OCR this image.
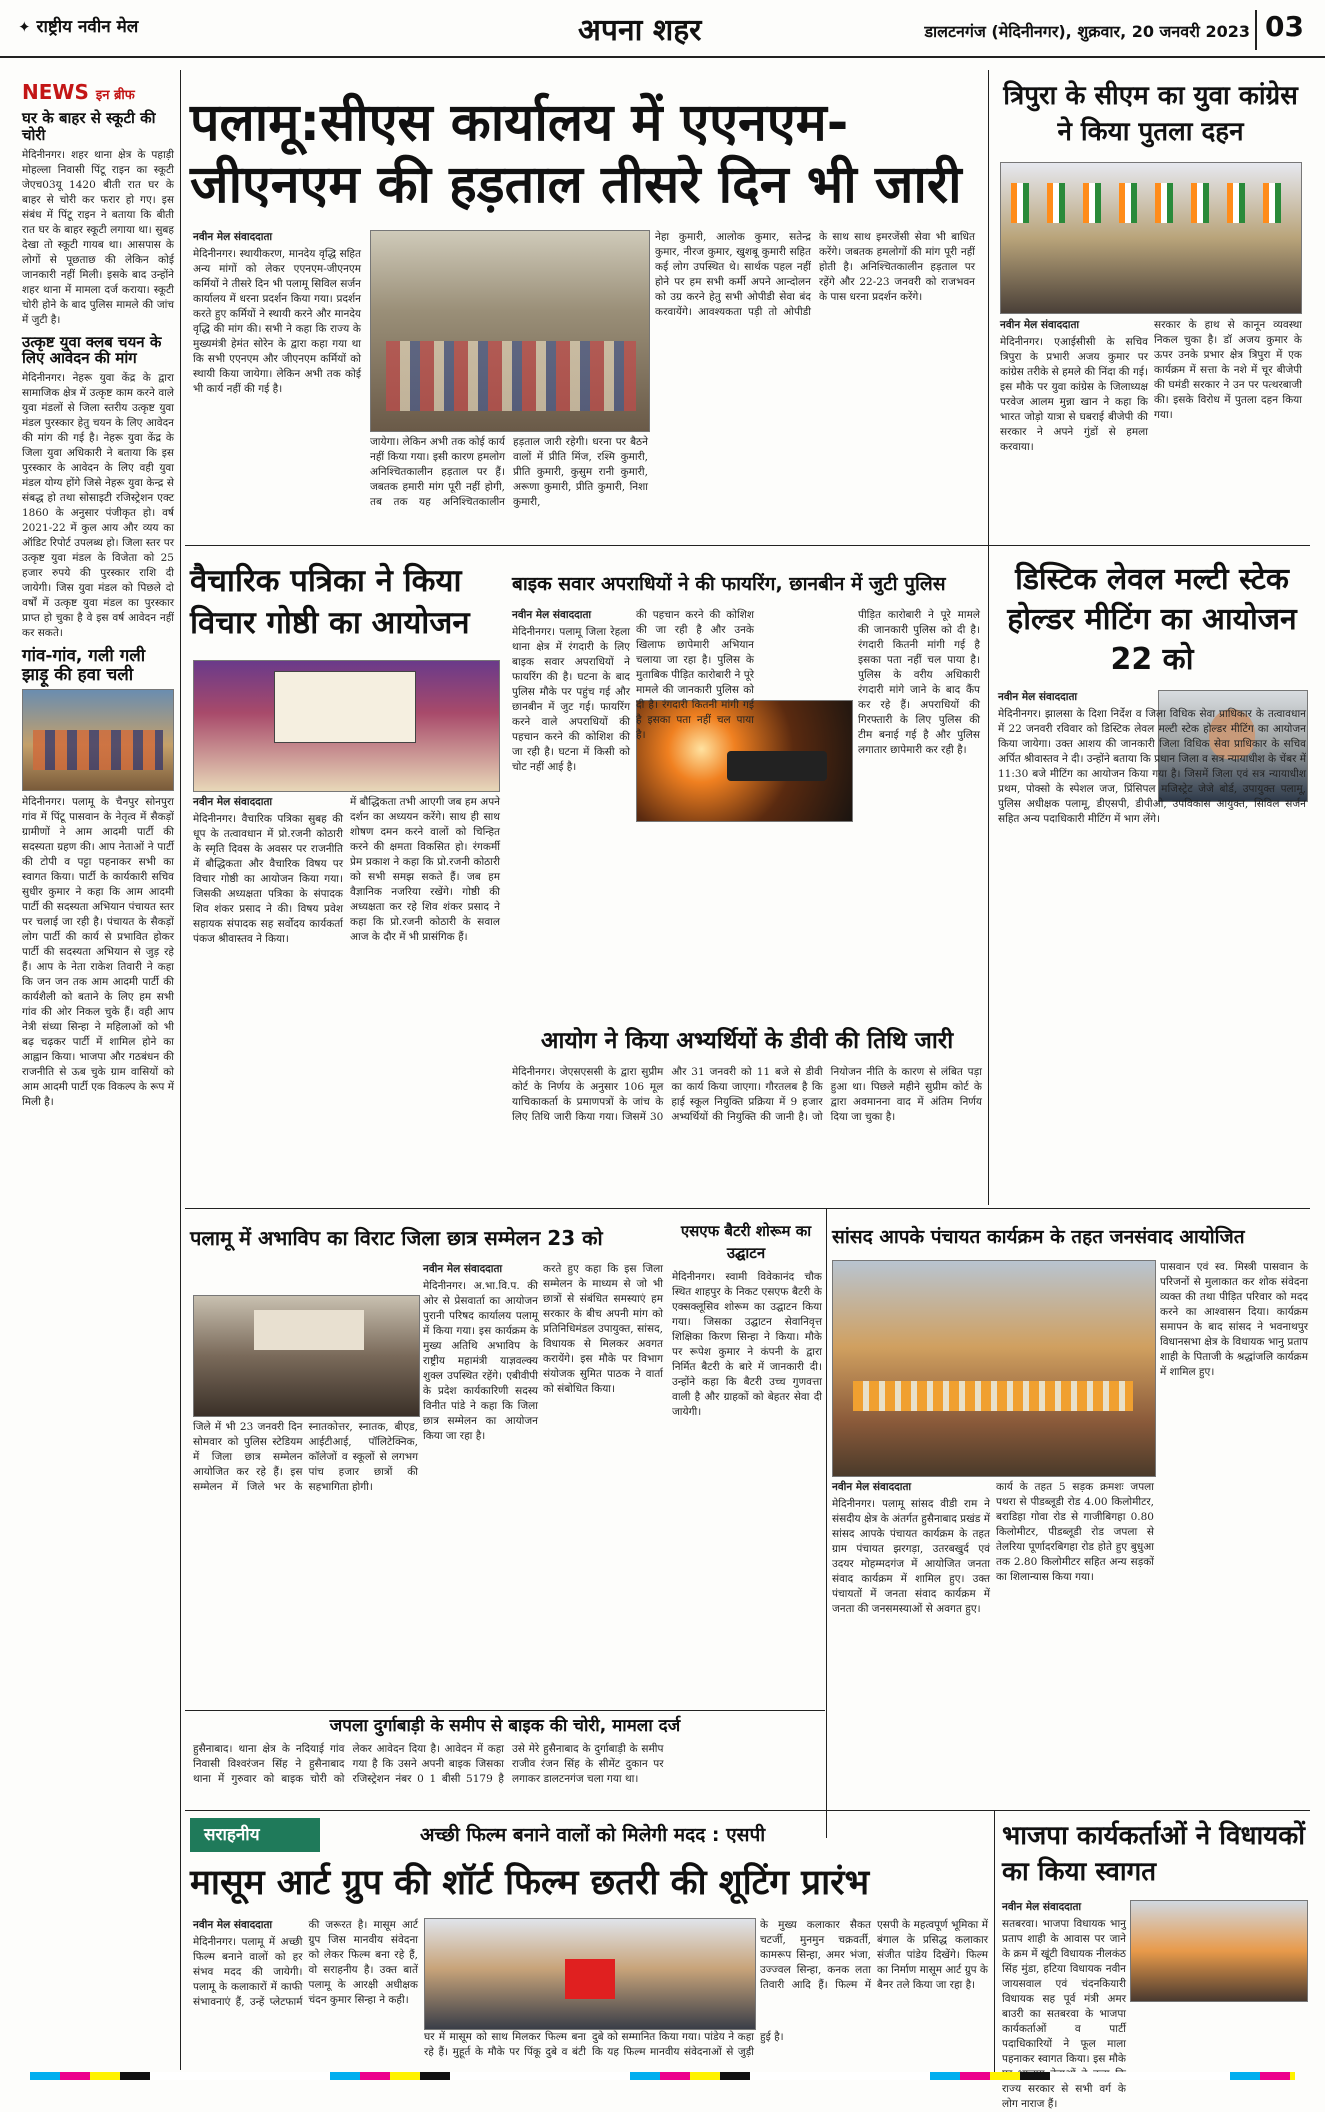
✦ राष्ट्रीय नवीन मेल	अपना शहर	डालटनगंज (मेदिनीनगर), शुक्रवार, 20 जनवरी 2023 03
NEWS इन ब्रीफ
घर के बाहर से स्कूटी की चोरी
मेदिनीनगर। शहर थाना क्षेत्र के पहाड़ी मोहल्ला निवासी पिंटू राइन का स्कूटी जेएच03यू 1420 बीती रात घर के बाहर से चोरी कर फरार हो गए। इस संबंध में पिंटू राइन ने बताया कि बीती रात घर के बाहर स्कूटी लगाया था। सुबह देखा तो स्कूटी गायब था। आसपास के लोगों से पूछताछ की लेकिन कोई जानकारी नहीं मिली। इसके बाद उन्होंने शहर थाना में मामला दर्ज कराया। स्कूटी चोरी होने के बाद पुलिस मामले की जांच में जुटी है।
उत्कृष्ट युवा क्लब चयन के लिए आवेदन की मांग
मेदिनीनगर। नेहरू युवा केंद्र के द्वारा सामाजिक क्षेत्र में उत्कृष्ट काम करने वाले युवा मंडलों से जिला स्तरीय उत्कृष्ट युवा मंडल पुरस्कार हेतु चयन के लिए आवेदन की मांग की गई है। नेहरू युवा केंद्र के जिला युवा अधिकारी ने बताया कि इस पुरस्कार के आवेदन के लिए वही युवा मंडल योग्य होंगे जिसे नेहरू युवा केन्द्र से संबद्ध हो तथा सोसाइटी रजिस्ट्रेशन एक्ट 1860 के अनुसार पंजीकृत हो। वर्ष 2021-22 में कुल आय और व्यय का ऑडिट रिपोर्ट उपलब्ध हो। जिला स्तर पर उत्कृष्ट युवा मंडल के विजेता को 25 हजार रुपये की पुरस्कार राशि दी जायेगी। जिस युवा मंडल को पिछले दो वर्षों में उत्कृष्ट युवा मंडल का पुरस्कार प्राप्त हो चुका है वे इस वर्ष आवेदन नहीं कर सकते।
गांव-गांव, गली गली झाड़ू की हवा चली
मेदिनीनगर। पलामू के चैनपुर सोनपुरा गांव में पिंटू पासवान के नेतृत्व में सैकड़ों ग्रामीणों ने आम आदमी पार्टी की सदस्यता ग्रहण की। आप नेताओं ने पार्टी की टोपी व पट्टा पहनाकर सभी का स्वागत किया। पार्टी के कार्यकारी सचिव सुधीर कुमार ने कहा कि आम आदमी पार्टी की सदस्यता अभियान पंचायत स्तर पर चलाई जा रही है। पंचायत के सैकड़ों लोग पार्टी की कार्य से प्रभावित होकर पार्टी की सदस्यता अभियान से जुड़ रहे हैं। आप के नेता राकेश तिवारी ने कहा कि जन जन तक आम आदमी पार्टी की कार्यशैली को बताने के लिए हम सभी गांव की ओर निकल चुके हैं। वही आप नेत्री संध्या सिन्हा ने महिलाओं को भी बढ़ चढ़कर पार्टी में शामिल होने का आह्वान किया। भाजपा और गठबंधन की राजनीति से ऊब चुके ग्राम वासियों को आम आदमी पार्टी एक विकल्प के रूप में मिली है।
पलामू:सीएस कार्यालय में एएनएम-जीएनएम की हड़ताल तीसरे दिन भी जारी
नवीन मेल संवाददाता
मेदिनीनगर। स्थायीकरण, मानदेय वृद्धि सहित अन्य मांगों को लेकर एएनएम-जीएनएम कर्मियों ने तीसरे दिन भी पलामू सिविल सर्जन कार्यालय में धरना प्रदर्शन किया गया। प्रदर्शन करते हुए कर्मियों ने स्थायी करने और मानदेय वृद्धि की मांग की। सभी ने कहा कि राज्य के मुख्यमंत्री हेमंत सोरेन के द्वारा कहा गया था कि सभी एएनएम और जीएनएम कर्मियों को स्थायी किया जायेगा। लेकिन अभी तक कोई भी कार्य नहीं की गई है।
जायेगा। लेकिन अभी तक कोई कार्य नहीं किया गया। इसी कारण हमलोग अनिश्चितकालीन हड़ताल पर हैं। जबतक हमारी मांग पूरी नहीं होगी, तब तक यह अनिश्चितकालीन हड़ताल जारी रहेगी। धरना पर बैठने वालों में प्रीति मिंज, रश्मि कुमारी, प्रीति कुमारी, कुसुम रानी कुमारी, अरूणा कुमारी, प्रीति कुमारी, निशा कुमारी,
नेहा कुमारी, आलोक कुमार, सतेन्द्र कुमार, नीरज कुमार, खुशबू कुमारी सहित कई लोग उपस्थित थे। सार्थक पहल नहीं होने पर हम सभी कर्मी अपने आन्दोलन को उग्र करने हेतु सभी ओपीडी सेवा बंद करवायेंगे। आवश्यकता पड़ी तो ओपीडी के साथ साथ इमरजेंसी सेवा भी बाधित करेंगे। जबतक हमलोगों की मांग पूरी नहीं होती है। अनिश्चितकालीन हड़ताल पर रहेंगे और 22-23 जनवरी को राजभवन के पास धरना प्रदर्शन करेंगे।
त्रिपुरा के सीएम का युवा कांग्रेस ने किया पुतला दहन
नवीन मेल संवाददाता
मेदिनीनगर। एआईसीसी के सचिव त्रिपुरा के प्रभारी अजय कुमार पर कांग्रेस तरीके से हमले की निंदा की गई। इस मौके पर युवा कांग्रेस के जिलाध्यक्ष परवेज आलम मुन्ना खान ने कहा कि भारत जोड़ो यात्रा से घबराई बीजेपी की सरकार ने अपने गुंडों से हमला करवाया।
सरकार के हाथ से कानून व्यवस्था निकल चुका है। डॉ अजय कुमार के ऊपर उनके प्रभार क्षेत्र त्रिपुरा में एक कार्यक्रम में सत्ता के नशे में चूर बीजेपी की घमंडी सरकार ने उन पर पत्थरबाजी की। इसके विरोध में पुतला दहन किया गया।
वैचारिक पत्रिका ने किया विचार गोष्ठी का आयोजन
नवीन मेल संवाददाता
मेदिनीनगर। वैचारिक पत्रिका सुबह की धूप के तत्वावधान में प्रो.रजनी कोठारी के स्मृति दिवस के अवसर पर राजनीति में बौद्धिकता और वैचारिक विषय पर विचार गोष्ठी का आयोजन किया गया। जिसकी अध्यक्षता पत्रिका के संपादक शिव शंकर प्रसाद ने की। विषय प्रवेश सहायक संपादक सह सर्वोदय कार्यकर्ता पंकज श्रीवास्तव ने किया।
में बौद्धिकता तभी आएगी जब हम अपने दर्शन का अध्ययन करेंगे। साथ ही साथ शोषण दमन करने वालों को चिन्हित करने की क्षमता विकसित हो। रंगकर्मी प्रेम प्रकाश ने कहा कि प्रो.रजनी कोठारी को सभी समझ सकते हैं। जब हम वैज्ञानिक नजरिया रखेंगे। गोष्ठी की अध्यक्षता कर रहे शिव शंकर प्रसाद ने कहा कि प्रो.रजनी कोठारी के सवाल आज के दौर में भी प्रासंगिक हैं।
बाइक सवार अपराधियों ने की फायरिंग, छानबीन में जुटी पुलिस
नवीन मेल संवाददाता
मेदिनीनगर। पलामू जिला रेहला थाना क्षेत्र में रंगदारी के लिए बाइक सवार अपराधियों ने फायरिंग की है। घटना के बाद पुलिस मौके पर पहुंच गई और छानबीन में जुट गई। फायरिंग करने वाले अपराधियों की पहचान करने की कोशिश की जा रही है। घटना में किसी को चोट नहीं आई है।
की पहचान करने की कोशिश की जा रही है और उनके खिलाफ छापेमारी अभियान चलाया जा रहा है। पुलिस के मुताबिक पीड़ित कारोबारी ने पूरे मामले की जानकारी पुलिस को दी है। रंगदारी कितनी मांगी गई है इसका पता नहीं चल पाया है।
पीड़ित कारोबारी ने पूरे मामले की जानकारी पुलिस को दी है। रंगदारी कितनी मांगी गई है इसका पता नहीं चल पाया है। पुलिस के वरीय अधिकारी रंगदारी मांगे जाने के बाद कैंप कर रहे हैं। अपराधियों की गिरफ्तारी के लिए पुलिस की टीम बनाई गई है और पुलिस लगातार छापेमारी कर रही है।
डिस्टिक लेवल मल्टी स्टेक होल्डर मीटिंग का आयोजन 22 को
नवीन मेल संवाददाता
मेदिनीनगर। झालसा के दिशा निर्देश व जिला विधिक सेवा प्राधिकार के तत्वावधान में 22 जनवरी रविवार को डिस्टिक लेवल मल्टी स्टेक होल्डर मीटिंग का आयोजन किया जायेगा। उक्त आशय की जानकारी जिला विधिक सेवा प्राधिकार के सचिव अर्पित श्रीवास्तव ने दी। उन्होंने बताया कि प्रधान जिला व सत्र न्यायाधीश के चेंबर में 11:30 बजे मीटिंग का आयोजन किया गया है। जिसमें जिला एवं सत्र न्यायाधीश प्रथम, पोक्सो के स्पेशल जज, प्रिंसिपल मजिस्ट्रेट जेजे बोर्ड, उपायुक्त पलामू, पुलिस अधीक्षक पलामू, डीएसपी, डीपीओ, उपविकास आयुक्त, सिविल सर्जन सहित अन्य पदाधिकारी मीटिंग में भाग लेंगे।
आयोग ने किया अभ्यर्थियों के डीवी की तिथि जारी
मेदिनीनगर। जेएसएससी के द्वारा सुप्रीम कोर्ट के निर्णय के अनुसार 106 मूल याचिकाकर्ता के प्रमाणपत्रों के जांच के लिए तिथि जारी किया गया। जिसमें 30 और 31 जनवरी को 11 बजे से डीवी का कार्य किया जाएगा। गौरतलब है कि हाई स्कूल नियुक्ति प्रक्रिया में 9 हजार अभ्यर्थियों की नियुक्ति की जानी है। जो नियोजन नीति के कारण से लंबित पड़ा हुआ था। पिछले महीने सुप्रीम कोर्ट के द्वारा अवमानना वाद में अंतिम निर्णय दिया जा चुका है।
पलामू में अभाविप का विराट जिला छात्र सम्मेलन 23 को
नवीन मेल संवाददाता
मेदिनीनगर। अ.भा.वि.प. की ओर से प्रेसवार्ता का आयोजन पुरानी परिषद कार्यालय पलामू में किया गया। इस कार्यक्रम के मुख्य अतिथि अभाविप के राष्ट्रीय महामंत्री याज्ञवल्क्य शुक्ल उपस्थित रहेंगे। एबीवीपी के प्रदेश कार्यकारिणी सदस्य विनीत पांडे ने कहा कि जिला छात्र सम्मेलन का आयोजन किया जा रहा है।
जिले में भी 23 जनवरी दिन सोमवार को पुलिस स्टेडियम में जिला छात्र सम्मेलन आयोजित कर रहे हैं। इस सम्मेलन में जिले भर के स्नातकोत्तर, स्नातक, बीएड, आईटीआई, पॉलिटेक्निक, कॉलेजों व स्कूलों से लगभग पांच हजार छात्रों की सहभागिता होगी।
करते हुए कहा कि इस जिला सम्मेलन के माध्यम से जो भी छात्रों से संबंधित समस्याएं हम सरकार के बीच अपनी मांग को प्रतिनिधिमंडल उपायुक्त, सांसद, विधायक से मिलकर अवगत करायेंगे। इस मौके पर विभाग संयोजक सुमित पाठक ने वार्ता को संबोधित किया।
एसएफ बैटरी शोरूम का उद्घाटन
मेदिनीनगर। स्वामी विवेकानंद चौक स्थित शाहपुर के निकट एसएफ बैटरी के एक्सक्लूसिव शोरूम का उद्घाटन किया गया। जिसका उद्घाटन सेवानिवृत्त शिक्षिका किरण सिन्हा ने किया। मौके पर रूपेश कुमार ने कंपनी के द्वारा निर्मित बैटरी के बारे में जानकारी दी। उन्होंने कहा कि बैटरी उच्च गुणवत्ता वाली है और ग्राहकों को बेहतर सेवा दी जायेगी।
जपला दुर्गाबाड़ी के समीप से बाइक की चोरी, मामला दर्ज
हुसैनाबाद। थाना क्षेत्र के नदियाई गांव निवासी विश्वरंजन सिंह ने हुसैनाबाद थाना में गुरुवार को बाइक चोरी को लेकर आवेदन दिया है। आवेदन में कहा गया है कि उसने अपनी बाइक जिसका रजिस्ट्रेशन नंबर 0 1 बीसी 5179 है उसे मेरे हुसैनाबाद के दुर्गाबाड़ी के समीप राजीव रंजन सिंह के सीमेंट दुकान पर लगाकर डालटनगंज चला गया था।
सांसद आपके पंचायत कार्यक्रम के तहत जनसंवाद आयोजित
नवीन मेल संवाददाता
मेदिनीनगर। पलामू सांसद वीडी राम ने संसदीय क्षेत्र के अंतर्गत हुसैनाबाद प्रखंड में सांसद आपके पंचायत कार्यक्रम के तहत ग्राम पंचायत झरगड़ा, उतरबखुर्द एवं उदयर मोहम्मदगंज में आयोजित जनता संवाद कार्यक्रम में शामिल हुए। उक्त पंचायतों में जनता संवाद कार्यक्रम में जनता की जनसमस्याओं से अवगत हुए।
कार्य के तहत 5 सड़क क्रमशः जपला पथरा से पीडब्लूडी रोड 4.00 किलोमीटर, बराडिहा गोवा रोड से गाजीबिगहा 0.80 किलोमीटर, पीडब्लूडी रोड जपला से तेलरिया पूर्णादरबिगहा रोड होते हुए बुधुआ तक 2.80 किलोमीटर सहित अन्य सड़कों का शिलान्यास किया गया।
पासवान एवं स्व. मिस्त्री पासवान के परिजनों से मुलाकात कर शोक संवेदना व्यक्त की तथा पीड़ित परिवार को मदद करने का आश्वासन दिया। कार्यक्रम समापन के बाद सांसद ने भवनाथपुर विधानसभा क्षेत्र के विधायक भानु प्रताप शाही के पिताजी के श्रद्धांजलि कार्यक्रम में शामिल हुए।
सराहनीय	अच्छी फिल्म बनाने वालों को मिलेगी मदद : एसपी
मासूम आर्ट ग्रुप की शॉर्ट फिल्म छतरी की शूटिंग प्रारंभ
नवीन मेल संवाददाता
मेदिनीनगर। पलामू में अच्छी फिल्म बनाने वालों को हर संभव मदद की जायेगी। पलामू के कलाकारों में काफी संभावनाएं हैं, उन्हें प्लेटफार्म की जरूरत है। मासूम आर्ट ग्रुप जिस मानवीय संवेदना को लेकर फिल्म बना रहे हैं, वो सराहनीय है। उक्त बातें पलामू के आरक्षी अधीक्षक चंदन कुमार सिन्हा ने कही।
घर में मासूम को साथ मिलकर फिल्म बना रहे हैं। मुहूर्त के मौके पर पिंकू दुबे व बंटी दुबे को सम्मानित किया गया। पांडेय ने कहा कि यह फिल्म मानवीय संवेदनाओं से जुड़ी हुई है।
के मुख्य कलाकार सैकत चटर्जी, मुनमुन चक्रवर्ती, कामरूप सिन्हा, अमर भंजा, उज्ज्वल सिन्हा, कनक लता तिवारी आदि हैं। फिल्म में एसपी के महत्वपूर्ण भूमिका में बंगाल के प्रसिद्ध कलाकार संजीत पांडेय दिखेंगे। फिल्म का निर्माण मासूम आर्ट ग्रुप के बैनर तले किया जा रहा है।
भाजपा कार्यकर्ताओं ने विधायकों का किया स्वागत
नवीन मेल संवाददाता
सतबरवा। भाजपा विधायक भानु प्रताप शाही के आवास पर जाने के क्रम में खूंटी विधायक नीलकंठ सिंह मुंडा, हटिया विधायक नवीन जायसवाल एवं चंदनकियारी विधायक सह पूर्व मंत्री अमर बाउरी का सतबरवा के भाजपा कार्यकर्ताओं व पार्टी पदाधिकारियों ने फूल माला पहनाकर स्वागत किया। इस मौके राज्य सरकार से सभी वर्ग के लोग नाराज हैं।
